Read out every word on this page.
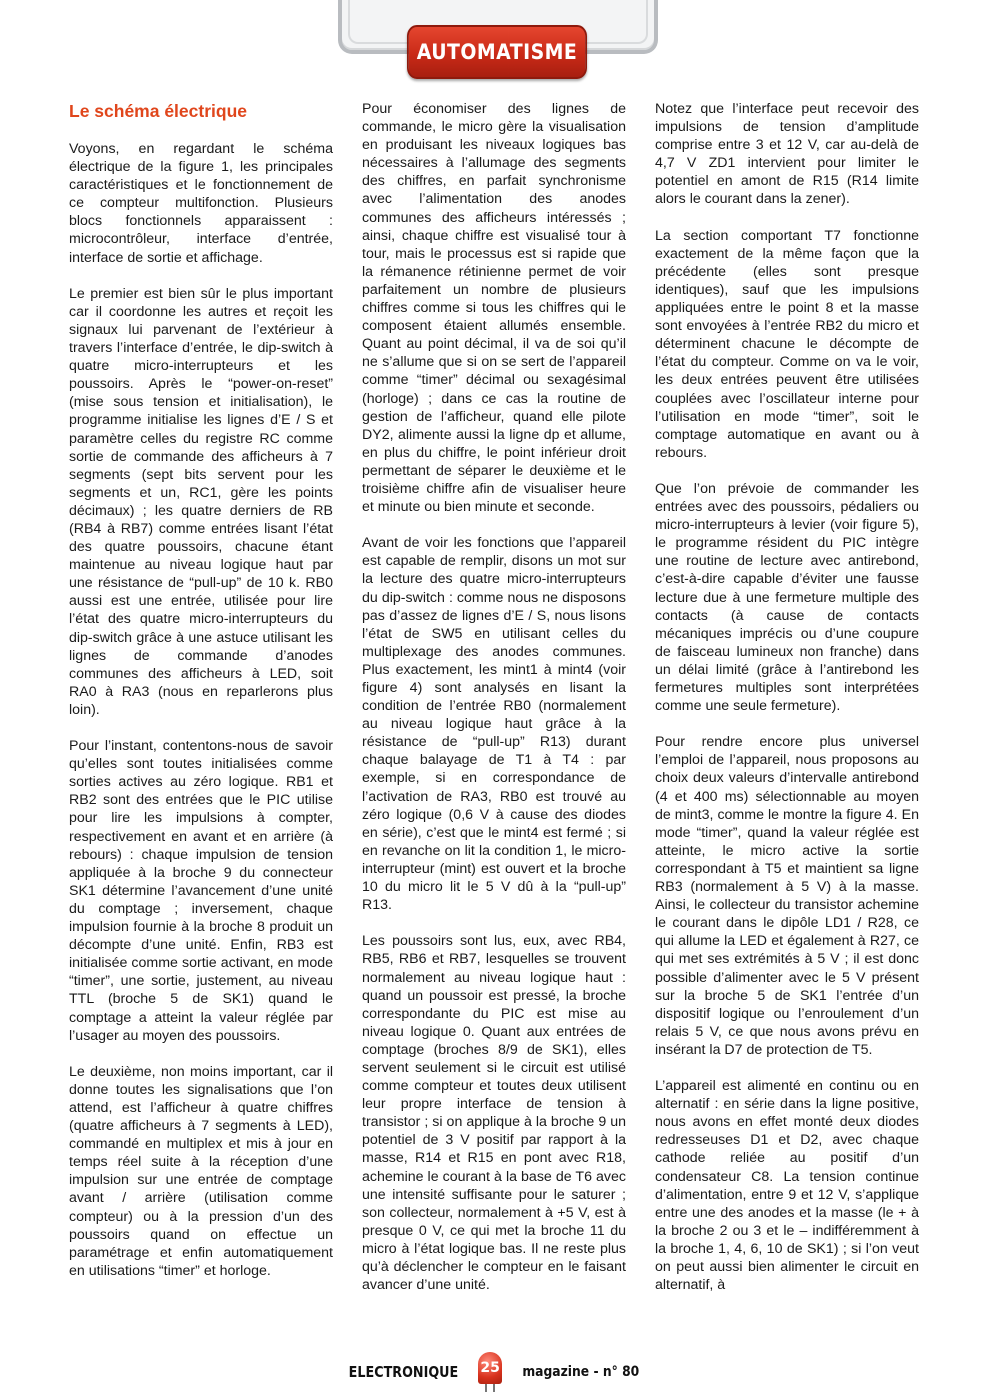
AUTOMATISME
Le schéma électrique

Voyons, en regardant le schéma électrique de la figure 1, les principales caractéristiques et le fonctionnement de ce compteur multifonction. Plusieurs blocs fonctionnels apparaissent : microcontrôleur, interface d’entrée, interface de sortie et affichage.

Le premier est bien sûr le plus important car il coordonne les autres et reçoit les signaux lui parvenant de l’extérieur à travers l’interface d’entrée, le dip-switch à quatre micro-interrupteurs et les poussoirs. Après le “power-on-reset” (mise sous tension et initialisation), le programme initialise les lignes d’E / S et paramètre celles du registre RC comme sortie de commande des afficheurs à 7 segments (sept bits servent pour les segments et un, RC1, gère les points décimaux) ; les quatre derniers de RB (RB4 à RB7) comme entrées lisant l’état des quatre poussoirs, chacune étant maintenue au niveau logique haut par une résistance de “pull-up” de 10 k. RB0 aussi est une entrée, utilisée pour lire l’état des quatre micro-interrupteurs du dip-switch grâce à une astuce utilisant les lignes de commande d’anodes communes des afficheurs à LED, soit RA0 à RA3 (nous en reparlerons plus loin).

Pour l’instant, contentons-nous de savoir qu’elles sont toutes initialisées comme sorties actives au zéro logique. RB1 et RB2 sont des entrées que le PIC utilise pour lire les impulsions à compter, respectivement en avant et en arrière (à rebours) : chaque impulsion de tension appliquée à la broche 9 du connecteur SK1 détermine l’avancement d’une unité du comptage ; inversement, chaque impulsion fournie à la broche 8 produit un décompte d’une unité. Enfin, RB3 est initialisée comme sortie activant, en mode “timer”, une sortie, justement, au niveau TTL (broche 5 de SK1) quand le comptage a atteint la valeur réglée par l’usager au moyen des poussoirs.

Le deuxième, non moins important, car il donne toutes les signalisations que l’on attend, est l’afficheur à quatre chiffres (quatre afficheurs à 7 segments à LED), commandé en multiplex et mis à jour en temps réel suite à la réception d’une impulsion sur une entrée de comptage avant / arrière (utilisation comme compteur) ou à la pression d’un des poussoirs quand on effectue un paramétrage et enfin automatiquement en utilisations “timer” et horloge.

Pour économiser des lignes de commande, le micro gère la visualisation en produisant les niveaux logiques bas nécessaires à l’allumage des segments des chiffres, en parfait synchronisme avec l’alimentation des anodes communes des afficheurs intéressés ; ainsi, chaque chiffre est visualisé tour à tour, mais le processus est si rapide que la rémanence rétinienne permet de voir parfaitement un nombre de plusieurs chiffres comme si tous les chiffres qui le composent étaient allumés ensemble. Quant au point décimal, il va de soi qu’il ne s’allume que si on se sert de l’appareil comme “timer” décimal ou sexagésimal (horloge) ; dans ce cas la routine de gestion de l’afficheur, quand elle pilote DY2, alimente aussi la ligne dp et allume, en plus du chiffre, le point inférieur droit permettant de séparer le deuxième et le troisième chiffre afin de visualiser heure et minute ou bien minute et seconde.

Avant de voir les fonctions que l’appareil est capable de remplir, disons un mot sur la lecture des quatre micro-interrupteurs du dip-switch : comme nous ne disposons pas d’assez de lignes d’E / S, nous lisons l’état de SW5 en utilisant celles du multiplexage des anodes communes. Plus exactement, les mint1 à mint4 (voir figure 4) sont analysés en lisant la condition de l’entrée RB0 (normalement au niveau logique haut grâce à la résistance de “pull-up” R13) durant chaque balayage de T1 à T4 : par exemple, si en correspondance de l’activation de RA3, RB0 est trouvé au zéro logique (0,6 V à cause des diodes en série), c’est que le mint4 est fermé ; si en revanche on lit la condition 1, le micro-interrupteur (mint) est ouvert et la broche 10 du micro lit le 5 V dû à la “pull-up” R13.

Les poussoirs sont lus, eux, avec RB4, RB5, RB6 et RB7, lesquelles se trouvent normalement au niveau logique haut : quand un poussoir est pressé, la broche correspondante du PIC est mise au niveau logique 0. Quant aux entrées de comptage (broches 8/9 de SK1), elles servent seulement si le circuit est utilisé comme compteur et toutes deux utilisent leur propre interface de tension à transistor ; si on applique à la broche 9 un potentiel de 3 V positif par rapport à la masse, R14 et R15 en pont avec R18, achemine le courant à la base de T6 avec une intensité suffisante pour le saturer ; son collecteur, normalement à +5 V, est à presque 0 V, ce qui met la broche 11 du micro à l’état logique bas. Il ne reste plus qu’à déclencher le compteur en le faisant avancer d’une unité.

Notez que l’interface peut recevoir des impulsions de tension d’amplitude comprise entre 3 et 12 V, car au-delà de 4,7 V ZD1 intervient pour limiter le potentiel en amont de R15 (R14 limite alors le courant dans la zener).

La section comportant T7 fonctionne exactement de la même façon que la précédente (elles sont presque identiques), sauf que les impulsions appliquées entre le point 8 et la masse sont envoyées à l’entrée RB2 du micro et déterminent chacune le décompte de l’état du compteur. Comme on va le voir, les deux entrées peuvent être utilisées couplées avec l’oscillateur interne pour l’utilisation en mode “timer”, soit le comptage automatique en avant ou à rebours.

Que l’on prévoie de commander les entrées avec des poussoirs, pédaliers ou micro-interrupteurs à levier (voir figure 5), le programme résident du PIC intègre une routine de lecture avec antirebond, c’est-à-dire capable d’éviter une fausse lecture due à une fermeture multiple des contacts (à cause de contacts mécaniques imprécis ou d’une coupure de faisceau lumineux non franche) dans un délai limité (grâce à l’antirebond les fermetures multiples sont interprétées comme une seule fermeture).

Pour rendre encore plus universel l’emploi de l’appareil, nous proposons au choix deux valeurs d’intervalle antirebond (4 et 400 ms) sélectionnable au moyen de mint3, comme le montre la figure 4. En mode “timer”, quand la valeur réglée est atteinte, le micro active la sortie correspondant à T5 et maintient sa ligne RB3 (normalement à 5 V) à la masse. Ainsi, le collecteur du transistor achemine le courant dans le dipôle LD1 / R28, ce qui allume la LED et également à R27, ce qui met ses extrémités à 5 V ; il est donc possible d’alimenter avec le 5 V présent sur la broche 5 de SK1 l’entrée d’un dispositif logique ou l’enroulement d’un relais 5 V, ce que nous avons prévu en insérant la D7 de protection de T5.

L’appareil est alimenté en continu ou en alternatif : en série dans la ligne positive, nous avons en effet monté deux diodes redresseuses D1 et D2, avec chaque cathode reliée au positif d’un condensateur C8. La tension continue d’alimentation, entre 9 et 12 V, s’applique entre une des anodes et la masse (le + à la broche 2 ou 3 et le – indifféremment à la broche 1, 4, 6, 10 de SK1) ; si l’on veut on peut aussi bien alimenter le circuit en alternatif, à

ELECTRONIQUE 25 magazine - n° 80
